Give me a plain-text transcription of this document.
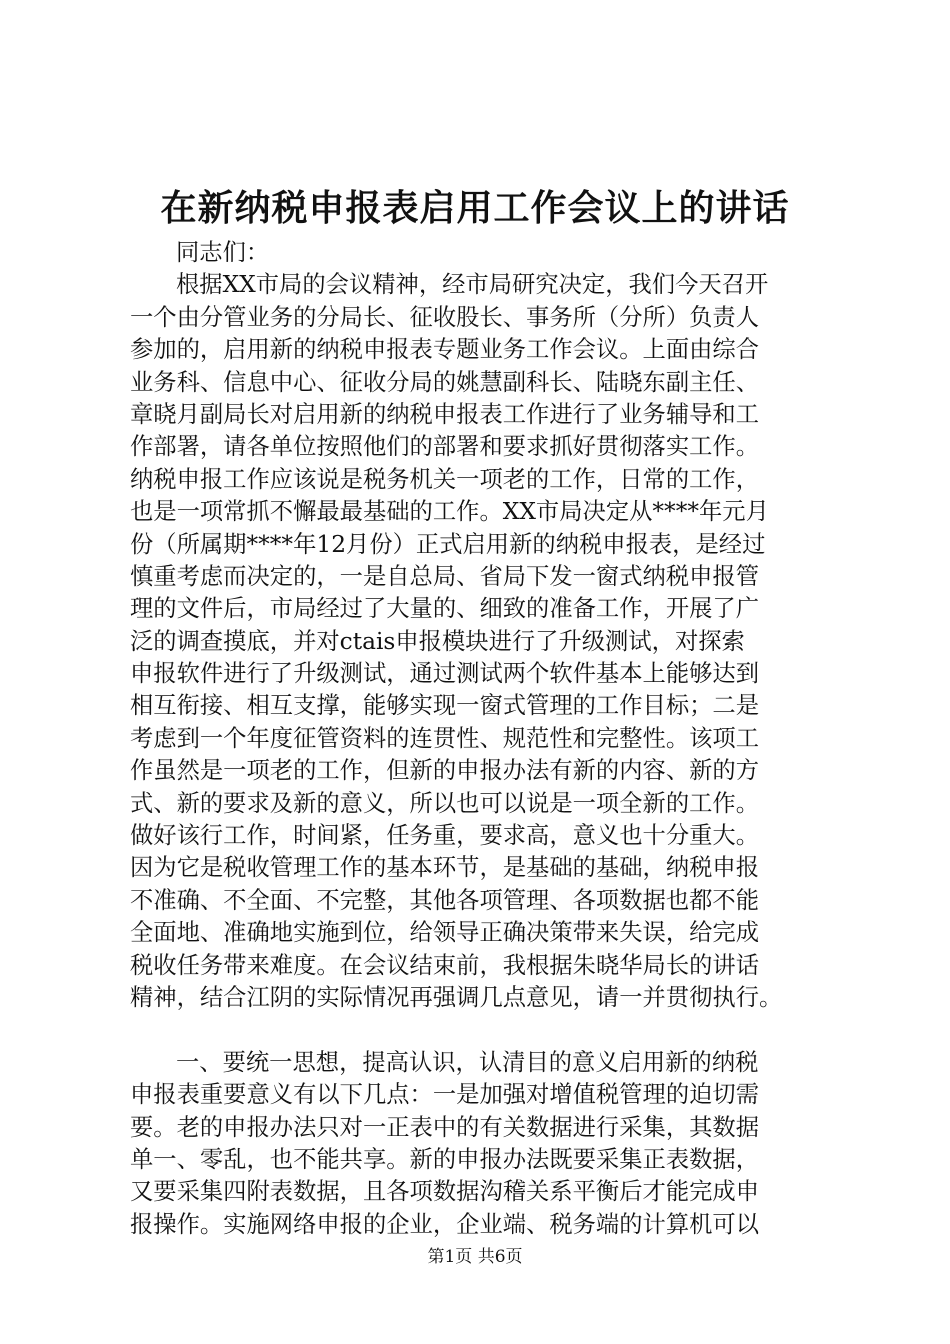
在新纳税申报表启用工作会议上的讲话
同志们：
根据XX市局的会议精神，经市局研究决定，我们今天召开
一个由分管业务的分局长、征收股长、事务所（分所）负责人
参加的，启用新的纳税申报表专题业务工作会议。上面由综合
业务科、信息中心、征收分局的姚慧副科长、陆晓东副主任、
章晓月副局长对启用新的纳税申报表工作进行了业务辅导和工
作部署，请各单位按照他们的部署和要求抓好贯彻落实工作。
纳税申报工作应该说是税务机关一项老的工作，日常的工作，
也是一项常抓不懈最最基础的工作。XX市局决定从****年元月
份（所属期****年12月份）正式启用新的纳税申报表，是经过
慎重考虑而决定的，一是自总局、省局下发一窗式纳税申报管
理的文件后，市局经过了大量的、细致的准备工作，开展了广
泛的调查摸底，并对ctais申报模块进行了升级测试，对探索
申报软件进行了升级测试，通过测试两个软件基本上能够达到
相互衔接、相互支撑，能够实现一窗式管理的工作目标；二是
考虑到一个年度征管资料的连贯性、规范性和完整性。该项工
作虽然是一项老的工作，但新的申报办法有新的内容、新的方
式、新的要求及新的意义，所以也可以说是一项全新的工作。
做好该行工作，时间紧，任务重，要求高，意义也十分重大。
因为它是税收管理工作的基本环节，是基础的基础，纳税申报
不准确、不全面、不完整，其他各项管理、各项数据也都不能
全面地、准确地实施到位，给领导正确决策带来失误，给完成
税收任务带来难度。在会议结束前，我根据朱晓华局长的讲话
精神，结合江阴的实际情况再强调几点意见，请一并贯彻执行。
一、要统一思想，提高认识，认清目的意义启用新的纳税
申报表重要意义有以下几点：一是加强对增值税管理的迫切需
要。老的申报办法只对一正表中的有关数据进行采集，其数据
单一、零乱，也不能共享。新的申报办法既要采集正表数据，
又要采集四附表数据，且各项数据沟稽关系平衡后才能完成申
报操作。实施网络申报的企业，企业端、税务端的计算机可以
第1页 共6页
